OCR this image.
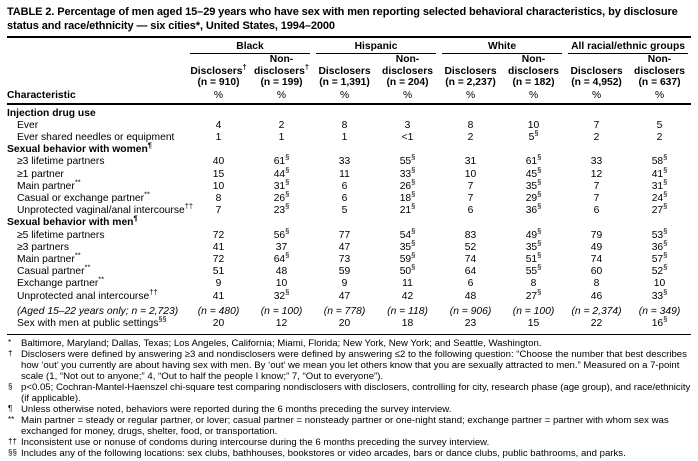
TABLE 2. Percentage of men aged 15–29 years who have sex with men reporting selected behavioral characteristics, by disclosure status and race/ethnicity — six cities*, United States, 1994–2000

	Black		Hispanic		White		All racial/ethnic groups	

Disclosers†
(n = 910)

Non-
disclosers†
(n = 199)

Disclosers
(n = 1,391)

Non-
disclosers
(n = 204)

Disclosers
(n = 2,237)

Non-
disclosers
(n = 182)

Disclosers
(n = 4,952)

Non-
disclosers
(n = 637)

Characteristic	%	%	%	%	%	%	%	%
Injection drug use								
Ever	4	2	8	3	8	10	7	5
Ever shared needles or equipment	1	1	1	<1	2	5§	2	2
Sexual behavior with women¶
≥3 lifetime partners	40	61§	33	55§	31	61§	33	58§
≥1 partner	15	44§	11	33§	10	45§	12	41§
Main partner**	10	31§	6	26§	7	35§	7	31§
Casual or exchange partner**	8	26§	6	18§	7	29§	7	24§
Unprotected vaginal/anal intercourse††	7	23§	5	21§	6	36§	6	27§
Sexual behavior with men¶
≥5 lifetime partners	72	56§	77	54§	83	49§	79	53§
≥3 partners	41	37	47	35§	52	35§	49	36§
Main partner**	72	64§	73	59§	74	51§	74	57§
Casual partner**	51	48	59	50§	64	55§	60	52§
Exchange partner**	9	10	9	11	6	8	8	10
Unprotected anal intercourse††	41	32§	47	42	48	27§	46	33§
(Aged 15–22 years only; n = 2,723)	(n = 480)	(n = 100)	(n = 778)	(n = 118)	(n = 906)	(n = 100)	(n = 2,374)	(n = 349)
Sex with men at public settings§§	20	12	20	18	23	15	22	16§
*	Baltimore, Maryland; Dallas, Texas; Los Angeles, California; Miami, Florida; New York, New York; and Seattle, Washington.
† Disclosers were defined by answering ≥3 and nondisclosers were defined by answering ≤2 to the following question: “Choose the number that best describes how ‘out’ you currently are about having sex with men. By ‘out’ we mean you let others know that you are sexually attracted to men.” Measured on a 7-point scale (1, “Not out to anyone;” 4, “Out to half the people I know;” 7, “Out to everyone”).
§ p<0.05; Cochran-Mantel-Haenszel chi-square test comparing nondisclosers with disclosers, controlling for city, research phase (age group), and race/ethnicity (if applicable).
¶ Unless otherwise noted, behaviors were reported during the 6 months preceding the survey interview.
** Main partner = steady or regular partner, or lover; casual partner = nonsteady partner or one-night stand; exchange partner = partner with whom sex was exchanged for money, drugs, shelter, food, or transportation.
†† Inconsistent use or nonuse of condoms during intercourse during the 6 months preceding the survey interview.
§§ Includes any of the following locations: sex clubs, bathhouses, bookstores or video arcades, bars or dance clubs, public bathrooms, and parks.
